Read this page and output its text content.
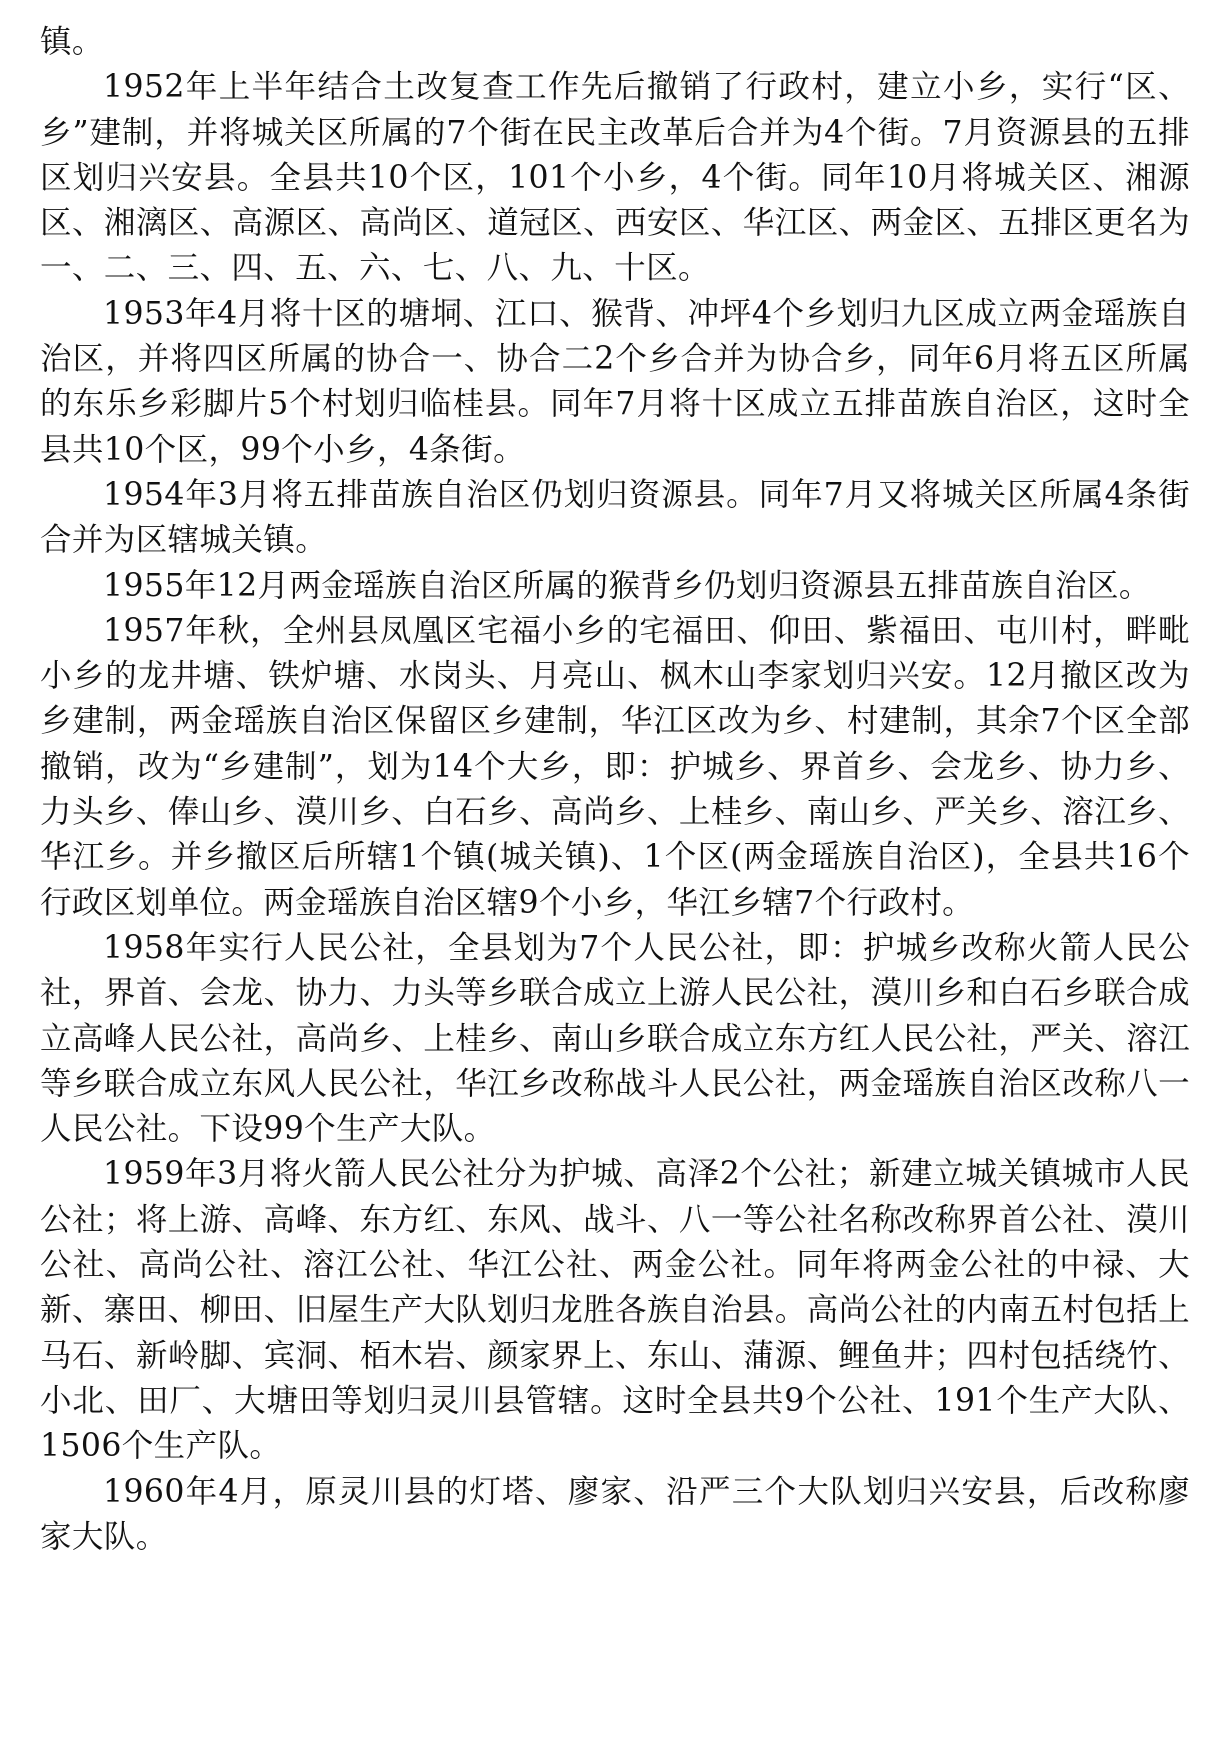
镇。

1952年上半年结合土改复查工作先后撤销了行政村，建立小乡，实行“区、乡”建制，并将城关区所属的7个街在民主改革后合并为4个街。7月资源县的五排区划归兴安县。全县共10个区，101个小乡，4个街。同年10月将城关区、湘源区、湘漓区、高源区、高尚区、道冠区、西安区、华江区、两金区、五排区更名为一、二、三、四、五、六、七、八、九、十区。

1953年4月将十区的塘垌、江口、猴背、冲坪4个乡划归九区成立两金瑶族自治区，并将四区所属的协合一、协合二2个乡合并为协合乡，同年6月将五区所属的东乐乡彩脚片5个村划归临桂县。同年7月将十区成立五排苗族自治区，这时全县共10个区，99个小乡，4条街。

1954年3月将五排苗族自治区仍划归资源县。同年7月又将城关区所属4条街合并为区辖城关镇。

1955年12月两金瑶族自治区所属的猴背乡仍划归资源县五排苗族自治区。

1957年秋，全州县凤凰区宅福小乡的宅福田、仰田、紫福田、屯川村，畔毗小乡的龙井塘、铁炉塘、水岗头、月亮山、枫木山李家划归兴安。12月撤区改为乡建制，两金瑶族自治区保留区乡建制，华江区改为乡、村建制，其余7个区全部撤销，改为“乡建制”，划为14个大乡，即：护城乡、界首乡、会龙乡、协力乡、力头乡、俸山乡、漠川乡、白石乡、高尚乡、上桂乡、南山乡、严关乡、溶江乡、华江乡。并乡撤区后所辖1个镇(城关镇)、1个区(两金瑶族自治区)，全县共16个行政区划单位。两金瑶族自治区辖9个小乡，华江乡辖7个行政村。

1958年实行人民公社，全县划为7个人民公社，即：护城乡改称火箭人民公社，界首、会龙、协力、力头等乡联合成立上游人民公社，漠川乡和白石乡联合成立高峰人民公社，高尚乡、上桂乡、南山乡联合成立东方红人民公社，严关、溶江等乡联合成立东风人民公社，华江乡改称战斗人民公社，两金瑶族自治区改称八一人民公社。下设99个生产大队。

1959年3月将火箭人民公社分为护城、高泽2个公社；新建立城关镇城市人民公社；将上游、高峰、东方红、东风、战斗、八一等公社名称改称界首公社、漠川公社、高尚公社、溶江公社、华江公社、两金公社。同年将两金公社的中禄、大新、寨田、柳田、旧屋生产大队划归龙胜各族自治县。高尚公社的内南五村包括上马石、新岭脚、宾洞、栢木岩、颜家界上、东山、蒲源、鲤鱼井；四村包括绕竹、小北、田厂、大塘田等划归灵川县管辖。这时全县共9个公社、191个生产大队、1506个生产队。

1960年4月，原灵川县的灯塔、廖家、沿严三个大队划归兴安县，后改称廖家大队。
